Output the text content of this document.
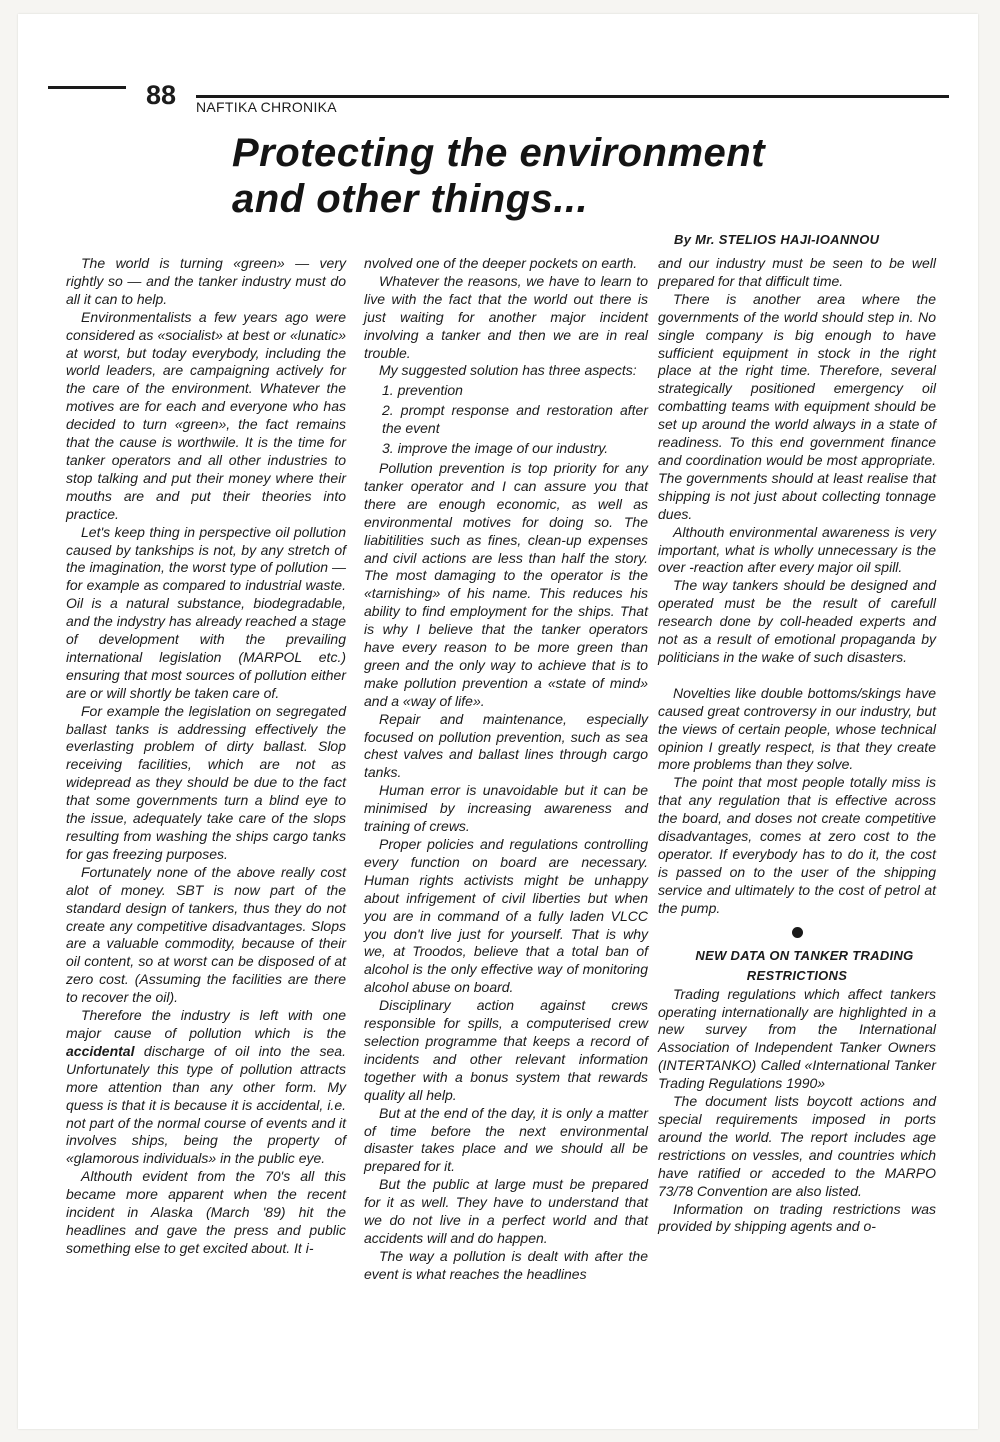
88 NAFTIKA CHRONIKA
Protecting the environment
and other things...

By Mr. STELIOS HAJI-IOANNOU

The world is turning «green» — very rightly so — and the tanker industry must do all it can to help.

Environmentalists a few years ago were considered as «socialist» at best or «lunatic» at worst, but today everybody, including the world leaders, are campaigning actively for the care of the environment. Whatever the motives are for each and everyone who has decided to turn «green», the fact remains that the cause is worthwile. It is the time for tanker operators and all other industries to stop talking and put their money where their mouths are and put their theories into practice.

Let's keep thing in perspective oil pollution caused by tankships is not, by any stretch of the imagination, the worst type of pollution — for example as compared to industrial waste. Oil is a natural substance, biodegradable, and the indystry has already reached a stage of development with the prevailing international legislation (MARPOL etc.) ensuring that most sources of pollution either are or will shortly be taken care of.

For example the legislation on segregated ballast tanks is addressing effectively the everlasting problem of dirty ballast. Slop receiving facilities, which are not as widepread as they should be due to the fact that some governments turn a blind eye to the issue, adequately take care of the slops resulting from washing the ships cargo tanks for gas freezing purposes.

Fortunately none of the above really cost alot of money. SBT is now part of the standard design of tankers, thus they do not create any competitive disadvantages. Slops are a valuable commodity, because of their oil content, so at worst can be disposed of at zero cost. (Assuming the facilities are there to recover the oil).

Therefore the industry is left with one major cause of pollution which is the accidental discharge of oil into the sea. Unfortunately this type of pollution attracts more attention than any other form. My quess is that it is because it is accidental, i.e. not part of the normal course of events and it involves ships, being the property of «glamorous individuals» in the public eye.

Althouth evident from the 70's all this became more apparent when the recent incident in Alaska (March '89) hit the headlines and gave the press and public something else to get excited about. It i-

nvolved one of the deeper pockets on earth.

Whatever the reasons, we have to learn to live with the fact that the world out there is just waiting for another major incident involving a tanker and then we are in real trouble.

My suggested solution has three aspects:

1. prevention

2. prompt response and restoration after the event

3. improve the image of our industry.

Pollution prevention is top priority for any tanker operator and I can assure you that there are enough economic, as well as environmental motives for doing so. The liabitilities such as fines, clean-up expenses and civil actions are less than half the story. The most damaging to the operator is the «tarnishing» of his name. This reduces his ability to find employment for the ships. That is why I believe that the tanker operators have every reason to be more green than green and the only way to achieve that is to make pollution prevention a «state of mind» and a «way of life».

Repair and maintenance, especially focused on pollution prevention, such as sea chest valves and ballast lines through cargo tanks.

Human error is unavoidable but it can be minimised by increasing awareness and training of crews.

Proper policies and regulations controlling every function on board are necessary. Human rights activists might be unhappy about infrigement of civil liberties but when you are in command of a fully laden VLCC you don't live just for yourself. That is why we, at Troodos, believe that a total ban of alcohol is the only effective way of monitoring alcohol abuse on board.

Disciplinary action against crews responsible for spills, a computerised crew selection programme that keeps a record of incidents and other relevant information together with a bonus system that rewards quality all help.

But at the end of the day, it is only a matter of time before the next environmental disaster takes place and we should all be prepared for it.

But the public at large must be prepared for it as well. They have to understand that we do not live in a perfect world and that accidents will and do happen.

The way a pollution is dealt with after the event is what reaches the headlines

and our industry must be seen to be well prepared for that difficult time.

There is another area where the governments of the world should step in. No single company is big enough to have sufficient equipment in stock in the right place at the right time. Therefore, several strategically positioned emergency oil combatting teams with equipment should be set up around the world always in a state of readiness. To this end government finance and coordination would be most appropriate. The governments should at least realise that shipping is not just about collecting tonnage dues.

Althouth environmental awareness is very important, what is wholly unnecessary is the over -reaction after every major oil spill.

The way tankers should be designed and operated must be the result of carefull research done by coll-headed experts and not as a result of emotional propaganda by politicians in the wake of such disasters.

Novelties like double bottoms/skings have caused great controversy in our industry, but the views of certain people, whose technical opinion I greatly respect, is that they create more problems than they solve.

The point that most people totally miss is that any regulation that is effective across the board, and doses not create competitive disadvantages, comes at zero cost to the operator. If everybody has to do it, the cost is passed on to the user of the shipping service and ultimately to the cost of petrol at the pump.

NEW DATA ON TANKER TRADING
RESTRICTIONS

Trading regulations which affect tankers operating internationally are highlighted in a new survey from the International Association of Independent Tanker Owners (INTERTANKO) Called «International Tanker Trading Regulations 1990»

The document lists boycott actions and special requirements imposed in ports around the world. The report includes age restrictions on vessles, and countries which have ratified or acceded to the MARPO 73/78 Convention are also listed.

Information on trading restrictions was provided by shipping agents and o-
